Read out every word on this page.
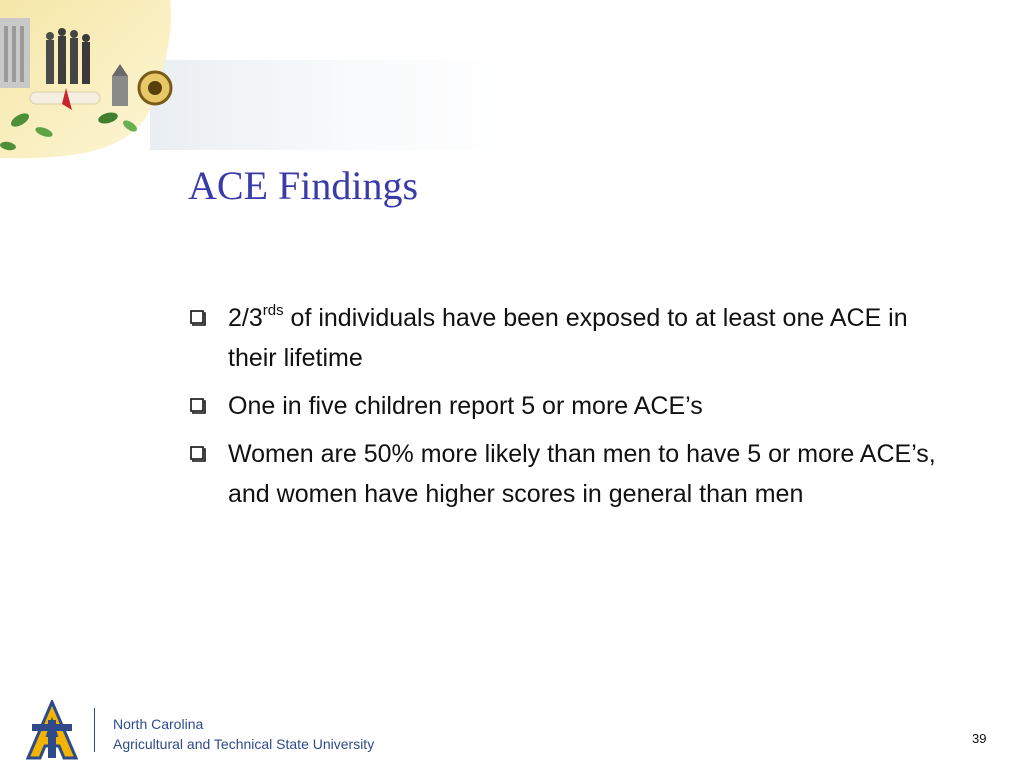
ACE Findings
$2/3^{rds}$ of individuals have been exposed to at least one ACE in their lifetime
One in five children report 5 or more ACE’s
Women are 50% more likely than men to have 5 or more ACE’s, and women have higher scores in general than men
North Carolina
Agricultural and Technical State University	39
